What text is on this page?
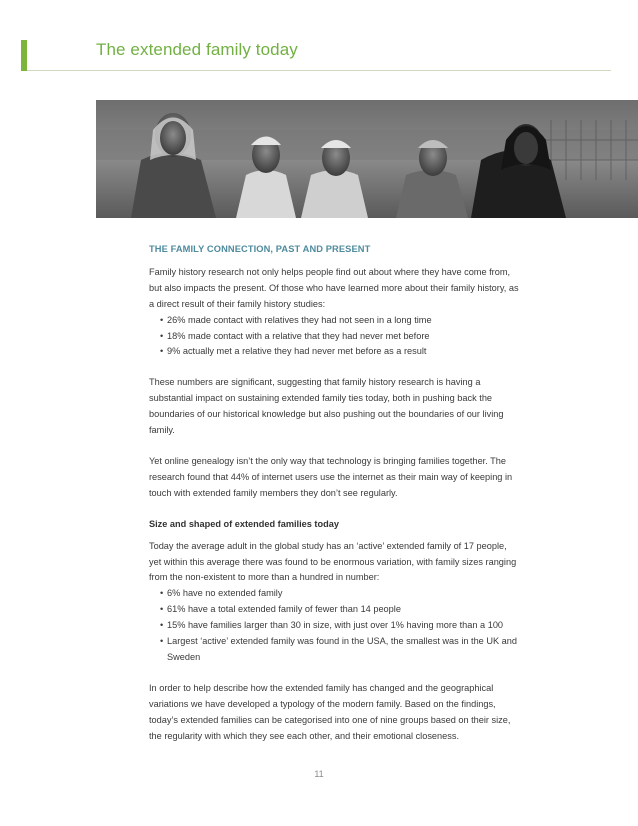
The extended family today
THE FAMILY CONNECTION, PAST AND PRESENT

Family history research not only helps people find out about where they have come from, but also impacts the present. Of those who have learned more about their family history, as a direct result of their family history studies:

• 26% made contact with relatives they had not seen in a long time
• 18% made contact with a relative that they had never met before
• 9% actually met a relative they had never met before as a result

These numbers are significant, suggesting that family history research is having a substantial impact on sustaining extended family ties today, both in pushing back the boundaries of our historical knowledge but also pushing out the boundaries of our living family.

Yet online genealogy isn’t the only way that technology is bringing families together. The research found that 44% of internet users use the internet as their main way of keeping in touch with extended family members they don’t see regularly.

Size and shaped of extended families today

Today the average adult in the global study has an ‘active’ extended family of 17 people, yet within this average there was found to be enormous variation, with family sizes ranging from the non-existent to more than a hundred in number:

• 6% have no extended family
• 61% have a total extended family of fewer than 14 people
• 15% have families larger than 30 in size, with just over 1% having more than a 100
• Largest ‘active’ extended family was found in the USA, the smallest was in the UK and Sweden

In order to help describe how the extended family has changed and the geographical variations we have developed a typology of the modern family. Based on the findings, today’s extended families can be categorised into one of nine groups based on their size, the regularity with which they see each other, and their emotional closeness.

11
